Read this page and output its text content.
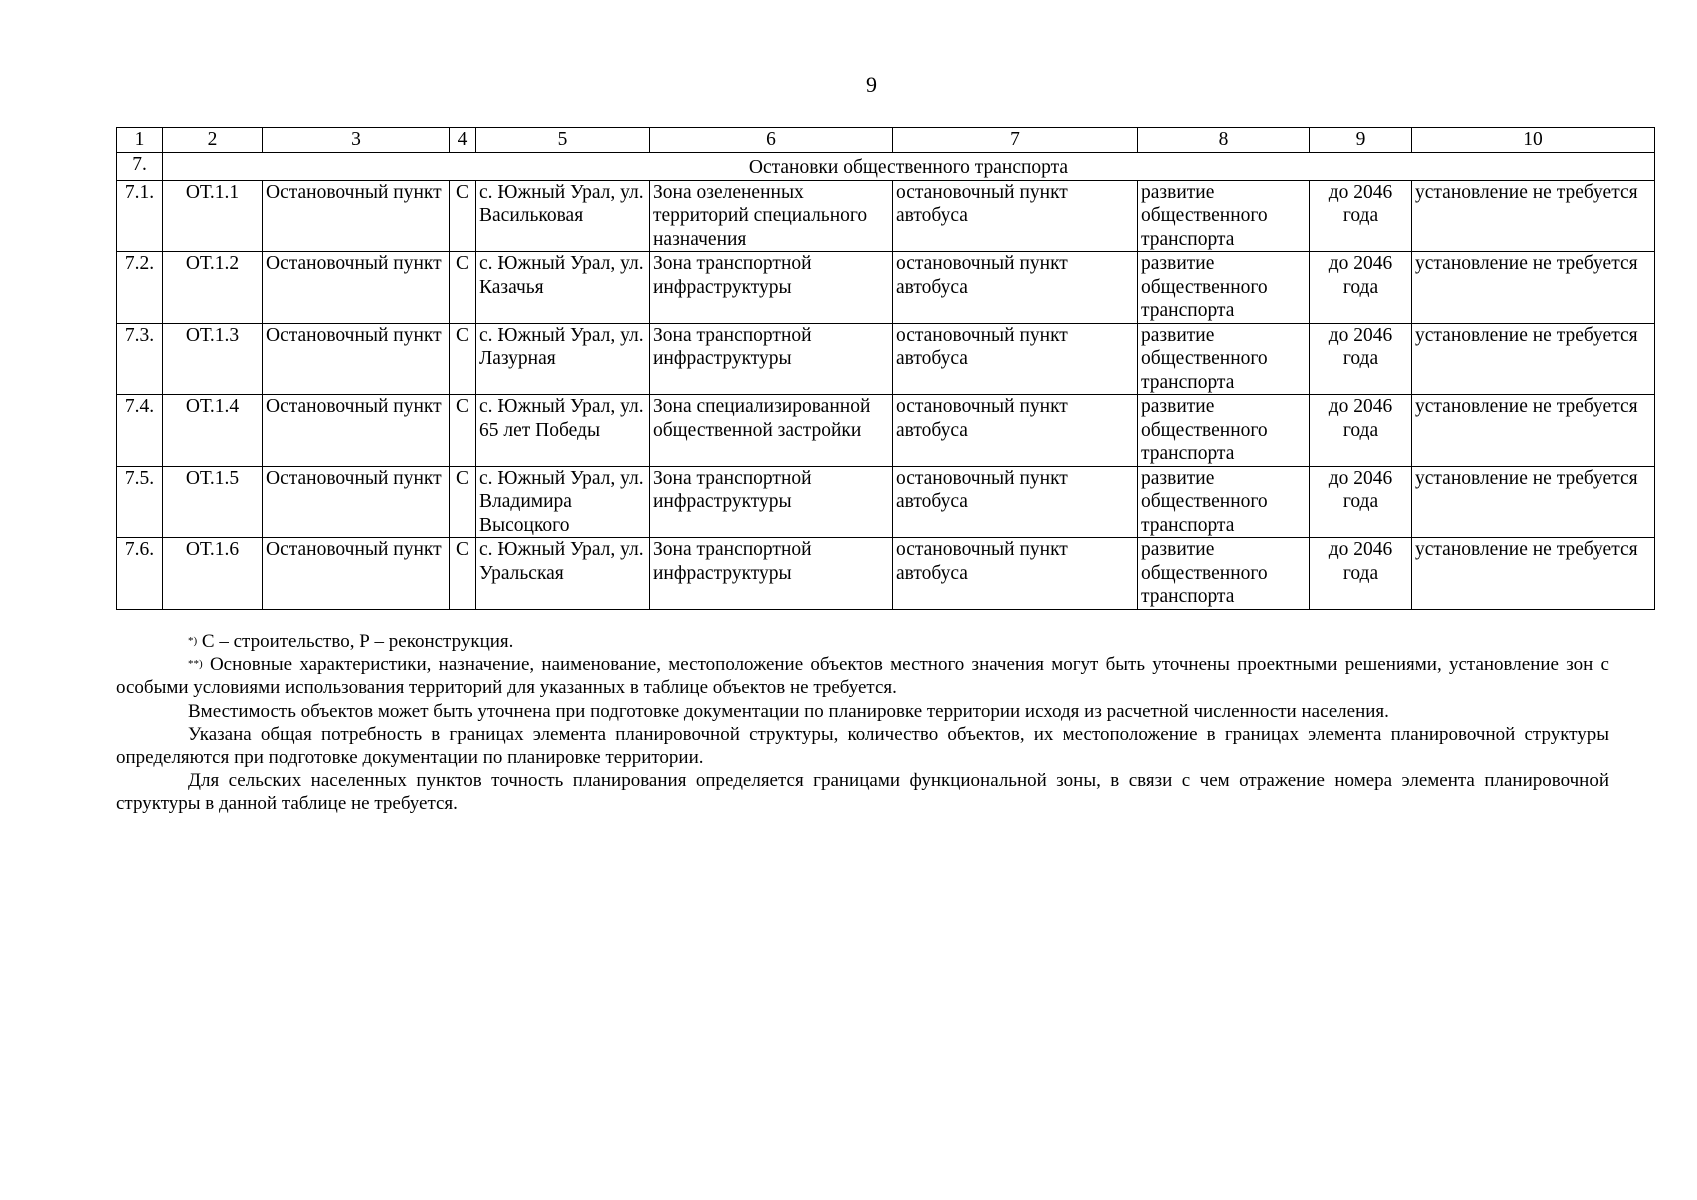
9
1	2	3	4	5	6	7	8	9	10
7.	Остановки общественного транспорта								
7.1.	ОТ.1.1	Остановочный пункт	С	с. Южный Урал, ул. Васильковая	Зона озелененных территорий специального назначения	остановочный пункт автобуса	развитие общественного транспорта	до 2046 года	установление не требуется
7.2.	ОТ.1.2	Остановочный пункт	С	с. Южный Урал, ул. Казачья	Зона транспортной инфраструктуры	остановочный пункт автобуса	развитие общественного транспорта	до 2046 года	установление не требуется
7.3.	ОТ.1.3	Остановочный пункт	С	с. Южный Урал, ул. Лазурная	Зона транспортной инфраструктуры	остановочный пункт автобуса	развитие общественного транспорта	до 2046 года	установление не требуется
7.4.	ОТ.1.4	Остановочный пункт	С	с. Южный Урал, ул. 65 лет Победы	Зона специализированной общественной застройки	остановочный пункт автобуса	развитие общественного транспорта	до 2046 года	установление не требуется
7.5.	ОТ.1.5	Остановочный пункт	С	с. Южный Урал, ул. Владимира Высоцкого	Зона транспортной инфраструктуры	остановочный пункт автобуса	развитие общественного транспорта	до 2046 года	установление не требуется
7.6.	ОТ.1.6	Остановочный пункт	С	с. Южный Урал, ул. Уральская	Зона транспортной инфраструктуры	остановочный пункт автобуса	развитие общественного транспорта	до 2046 года	установление не требуется

*) С – строительство, Р – реконструкция.

**) Основные характеристики, назначение, наименование, местоположение объектов местного значения могут быть уточнены проектными решениями, установление зон с особыми условиями использования территорий для указанных в таблице объектов не требуется.

Вместимость объектов может быть уточнена при подготовке документации по планировке территории исходя из расчетной численности населения.

Указана общая потребность в границах элемента планировочной структуры, количество объектов, их местоположение в границах элемента планировочной структуры определяются при подготовке документации по планировке территории.

Для сельских населенных пунктов точность планирования определяется границами функциональной зоны, в связи с чем отражение номера элемента планировочной структуры в данной таблице не требуется.
